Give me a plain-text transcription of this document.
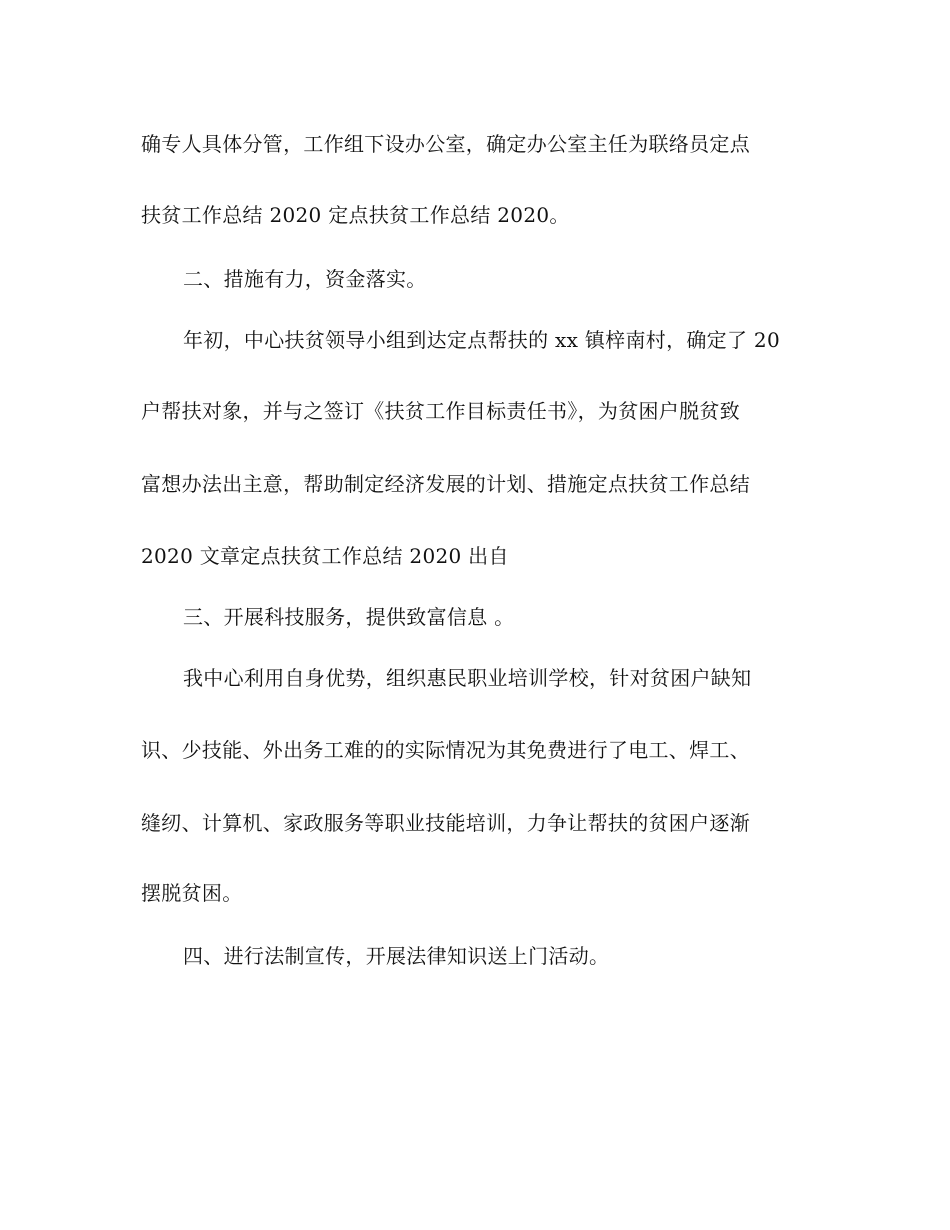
确专人具体分管，工作组下设办公室，确定办公室主任为联络员定点
扶贫工作总结 2020 定点扶贫工作总结 2020。
二、措施有力，资金落实。
年初，中心扶贫领导小组到达定点帮扶的 xx 镇梓南村，确定了 20
户帮扶对象，并与之签订《扶贫工作目标责任书》，为贫困户脱贫致
富想办法出主意，帮助制定经济发展的计划、措施定点扶贫工作总结
2020 文章定点扶贫工作总结 2020 出自
三、开展科技服务，提供致富信息 。
我中心利用自身优势，组织惠民职业培训学校，针对贫困户缺知
识、少技能、外出务工难的的实际情况为其免费进行了电工、焊工、
缝纫、计算机、家政服务等职业技能培训，力争让帮扶的贫困户逐渐
摆脱贫困。
四、进行法制宣传，开展法律知识送上门活动。
